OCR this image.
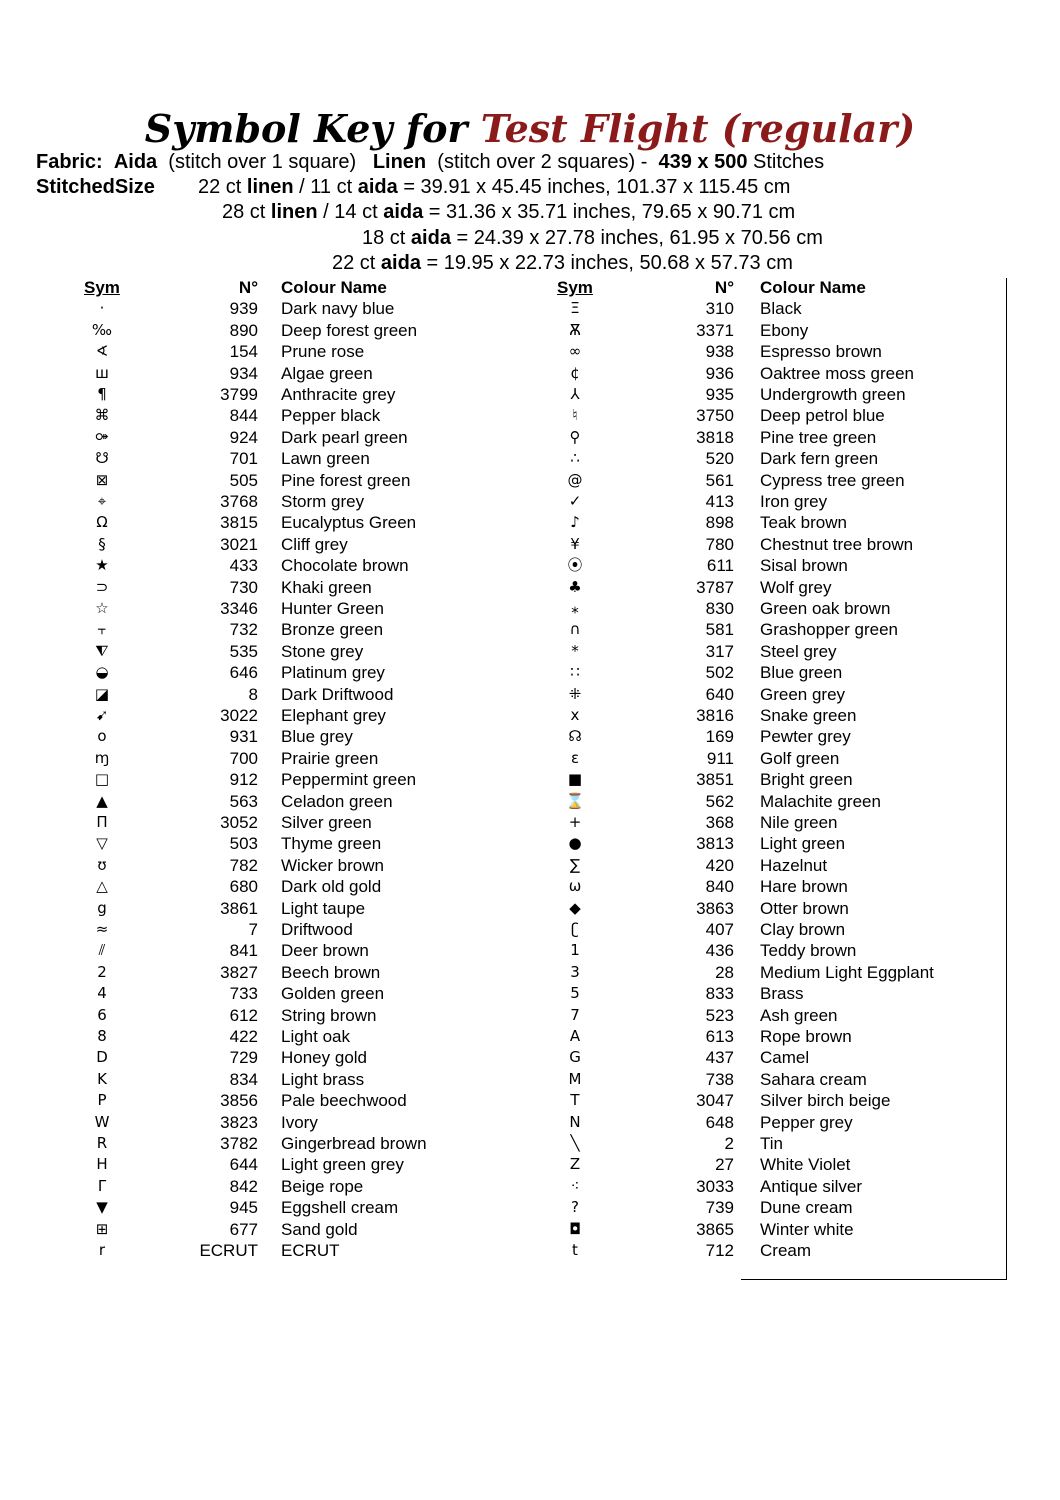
Symbol Key for Test Flight (regular)
Fabric: Aida (stitch over 1 square) Linen (stitch over 2 squares) - 439 x 500 Stitches
StitchedSize 22 ct linen / 11 ct aida = 39.91 x 45.45 inches, 101.37 x 115.45 cm
28 ct linen / 14 ct aida = 31.36 x 35.71 inches, 79.65 x 90.71 cm
18 ct aida = 24.39 x 27.78 inches, 61.95 x 70.56 cm
22 ct aida = 19.95 x 22.73 inches, 50.68 x 57.73 cm
Sym	N° Colour Name	Sym	N° Colour Name
·	939 Dark navy blue
‰	890 Deep forest green
∢	154 Prune rose
ш	934 Algae green
¶	3799 Anthracite grey
⌘	844 Pepper black
⚩	924 Dark pearl green
☋	701 Lawn green
⊠	505 Pine forest green
⌖	3768 Storm grey
Ω	3815 Eucalyptus Green
§	3021 Cliff grey
★	433 Chocolate brown
⊃	730 Khaki green
☆	3346 Hunter Green
⫟	732 Bronze green
⧨	535 Stone grey
◒	646 Platinum grey
◪	8 Dark Driftwood
➹	3022 Elephant grey
o	931 Blue grey
ɱ	700 Prairie green
□	912 Peppermint green
▲	563 Celadon green
Π	3052 Silver green
▽	503 Thyme green
ʊ	782 Wicker brown
△	680 Dark old gold
g	3861 Light taupe
≈	7 Driftwood
⫽	841 Deer brown
2	3827 Beech brown
4	733 Golden green
6	612 String brown
8	422 Light oak
D	729 Honey gold
K	834 Light brass
P	3856 Pale beechwood
W	3823 Ivory
R	3782 Gingerbread brown
H	644 Light green grey
Γ	842 Beige rope
▼	945 Eggshell cream
⊞	677 Sand gold
r	ECRUT ECRUT
Ξ	310 Black
Ѫ	3371 Ebony
∞	938 Espresso brown
¢	936 Oaktree moss green
⅄	935 Undergrowth green
♮	3750 Deep petrol blue
⚲	3818 Pine tree green
∴	520 Dark fern green
@	561 Cypress tree green
✓	413 Iron grey
♪	898 Teak brown
¥	780 Chestnut tree brown
⦿	611 Sisal brown
♣	3787 Wolf grey
⁎	830 Green oak brown
∩	581 Grashopper green
*	317 Steel grey
∷	502 Blue green
⁜	640 Green grey
x	3816 Snake green
☊	169 Pewter grey
ε	911 Golf green
■	3851 Bright green
⌛	562 Malachite green
+	368 Nile green
●	3813 Light green
∑	420 Hazelnut
ω	840 Hare brown
◆	3863 Otter brown
ʗ	407 Clay brown
1	436 Teddy brown
3	28 Medium Light Eggplant
5	833 Brass
7	523 Ash green
A	613 Rope brown
G	437 Camel
M	738 Sahara cream
T	3047 Silver birch beige
N	648 Pepper grey
╲	2 Tin
Z	27 White Violet
⁖	3033 Antique silver
?	739 Dune cream
◘	3865 Winter white
t	712 Cream
